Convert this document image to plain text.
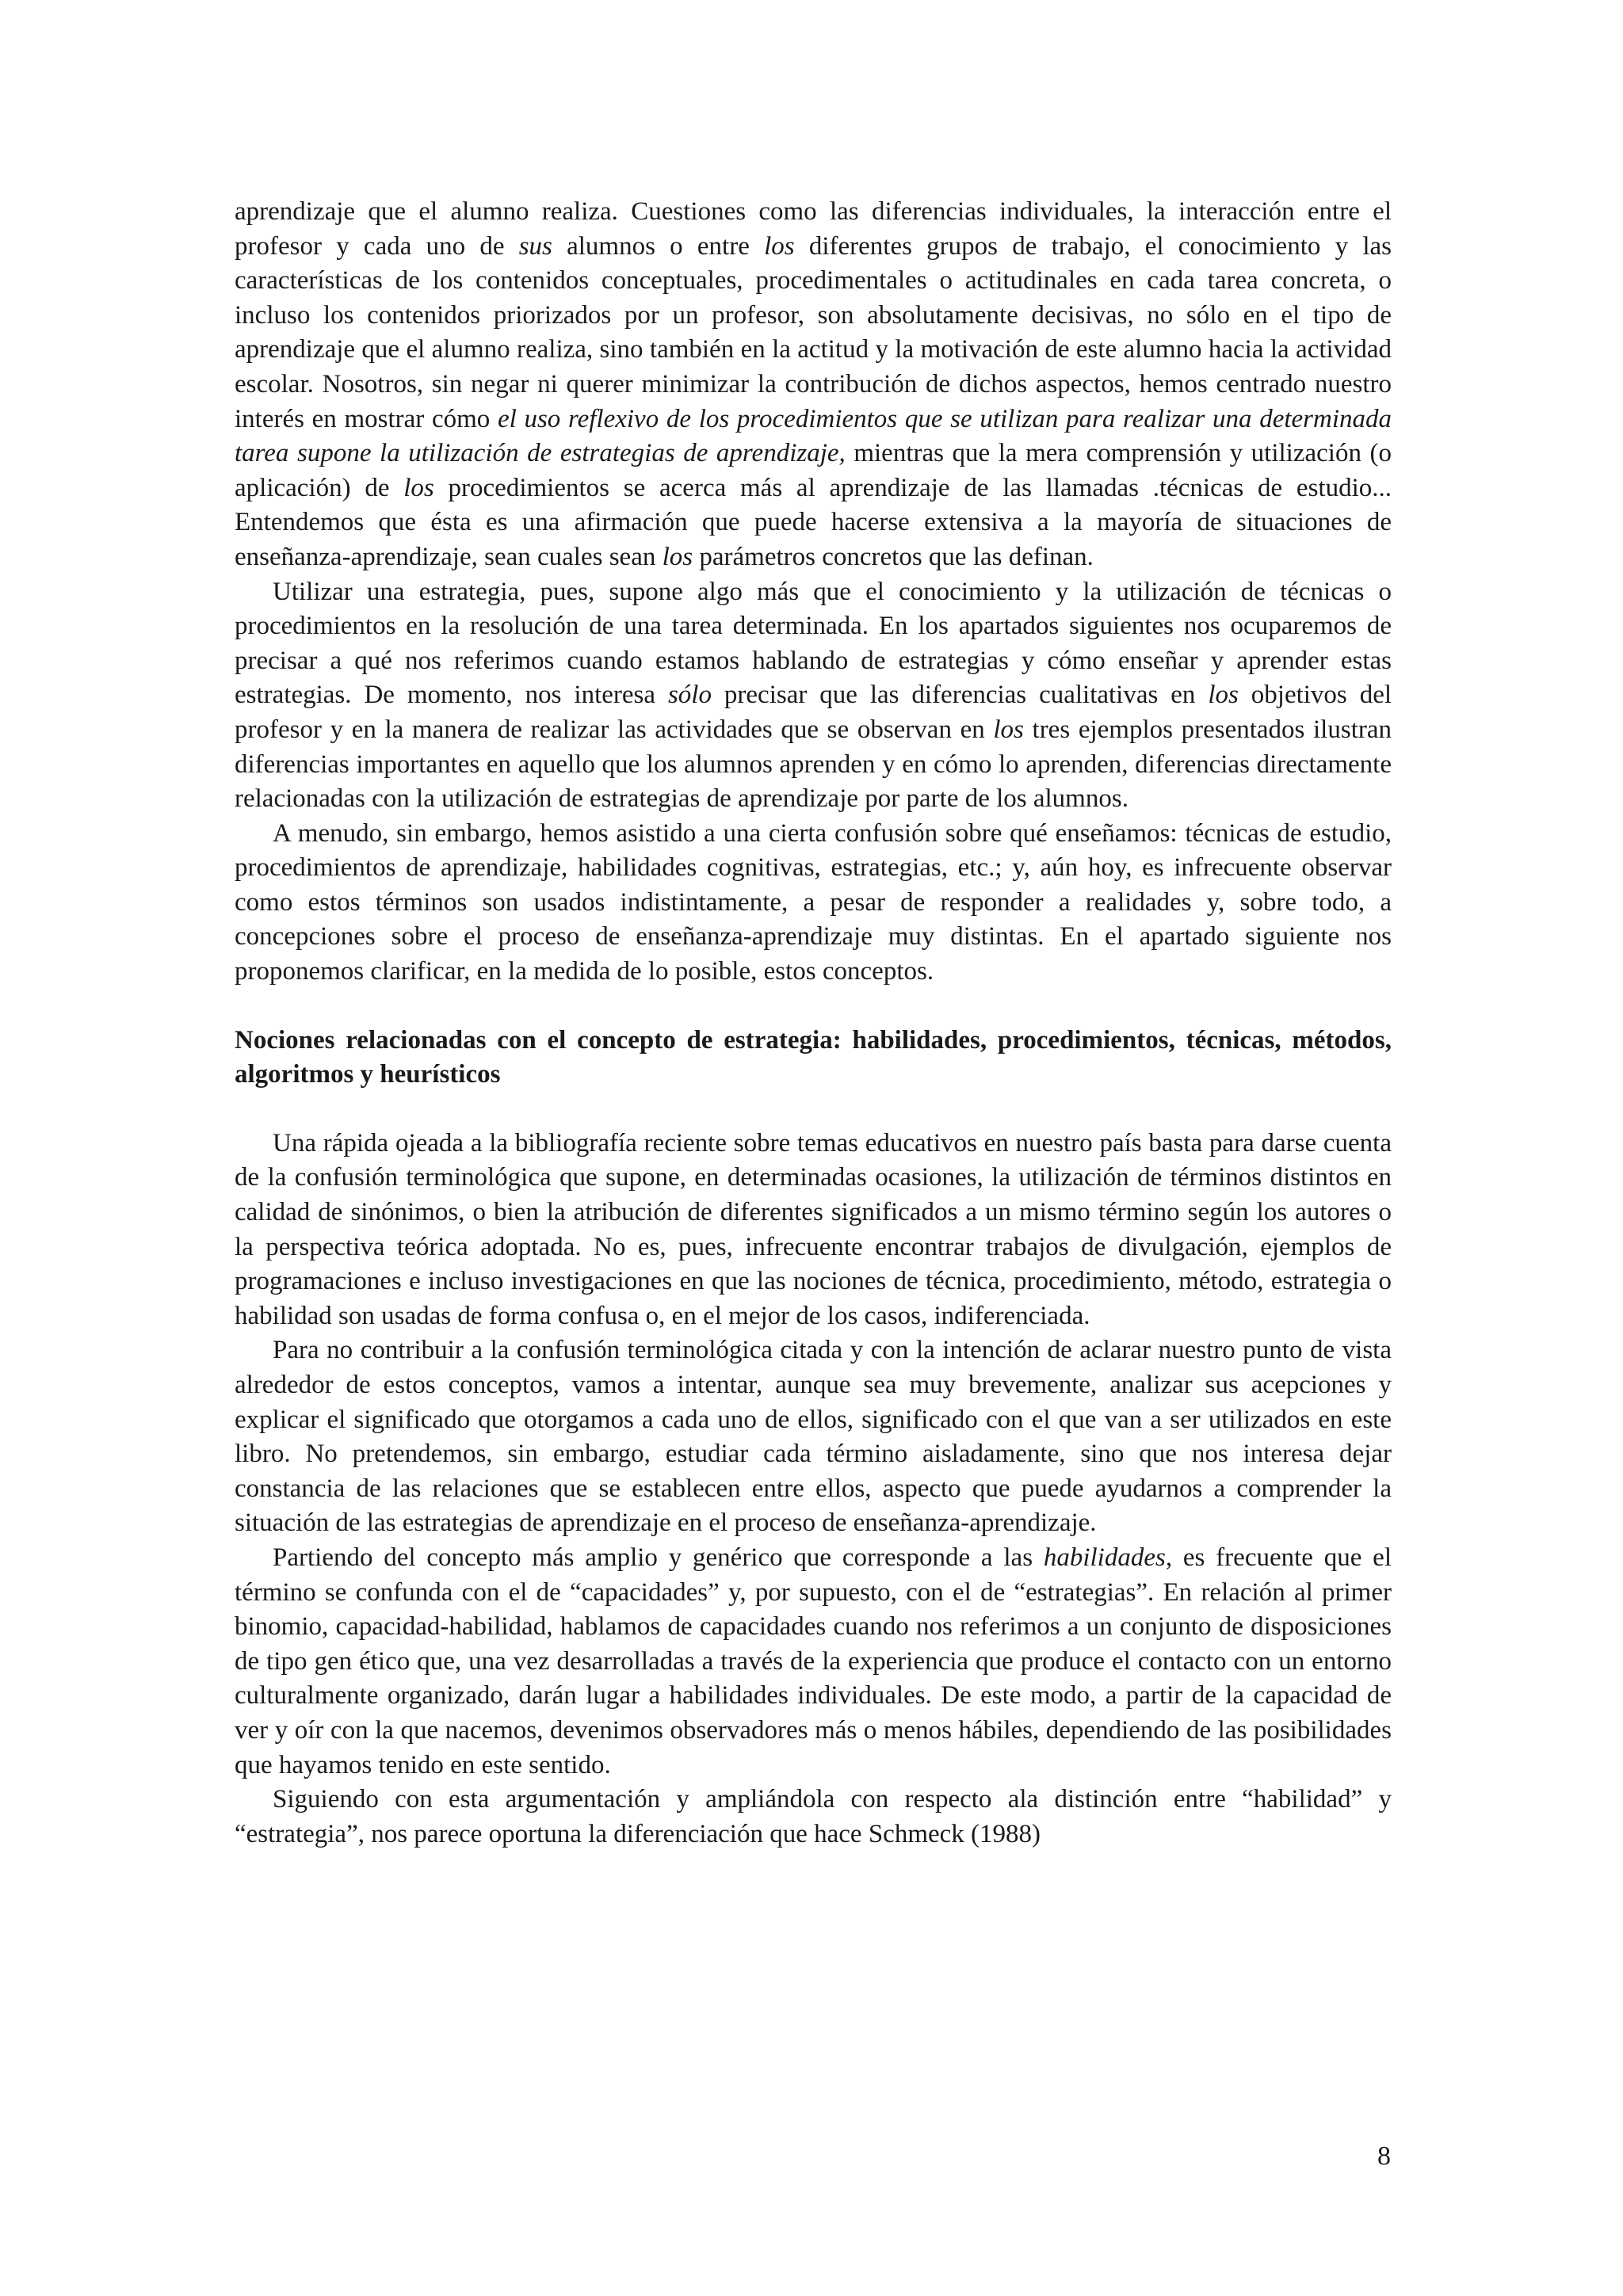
aprendizaje que el alumno realiza. Cuestiones como las diferencias individuales, la interacción entre el profesor y cada uno de sus alumnos o entre los diferentes grupos de trabajo, el conocimiento y las características de los contenidos conceptuales, procedimentales o actitudinales en cada tarea concreta, o incluso los contenidos priorizados por un profesor, son absolutamente decisivas, no sólo en el tipo de aprendizaje que el alumno realiza, sino también en la actitud y la motivación de este alumno hacia la actividad escolar. Nosotros, sin negar ni querer minimizar la contribución de dichos aspectos, hemos centrado nuestro interés en mostrar cómo el uso reflexivo de los procedimientos que se utilizan para realizar una determinada tarea supone la utilización de estrategias de aprendizaje, mientras que la mera comprensión y utilización (o aplicación) de los procedimientos se acerca más al aprendizaje de las llamadas .técnicas de estudio... Entendemos que ésta es una afirmación que puede hacerse extensiva a la mayoría de situaciones de enseñanza-aprendizaje, sean cuales sean los parámetros concretos que las definan.

Utilizar una estrategia, pues, supone algo más que el conocimiento y la utilización de técnicas o procedimientos en la resolución de una tarea determinada. En los apartados siguientes nos ocuparemos de precisar a qué nos referimos cuando estamos hablando de estrategias y cómo enseñar y aprender estas estrategias. De momento, nos interesa sólo precisar que las diferencias cualitativas en los objetivos del profesor y en la manera de realizar las actividades que se observan en los tres ejemplos presentados ilustran diferencias importantes en aquello que los alumnos aprenden y en cómo lo aprenden, diferencias directamente relacionadas con la utilización de estrategias de aprendizaje por parte de los alumnos.

A menudo, sin embargo, hemos asistido a una cierta confusión sobre qué enseñamos: técnicas de estudio, procedimientos de aprendizaje, habilidades cognitivas, estrategias, etc.; y, aún hoy, es infrecuente observar como estos términos son usados indistintamente, a pesar de responder a realidades y, sobre todo, a concepciones sobre el proceso de enseñanza-aprendizaje muy distintas. En el apartado siguiente nos proponemos clarificar, en la medida de lo posible, estos conceptos.

Nociones relacionadas con el concepto de estrategia: habilidades, procedimientos, técnicas, métodos, algoritmos y heurísticos

Una rápida ojeada a la bibliografía reciente sobre temas educativos en nuestro país basta para darse cuenta de la confusión terminológica que supone, en determinadas ocasiones, la utilización de términos distintos en calidad de sinónimos, o bien la atribución de diferentes significados a un mismo término según los autores o la perspectiva teórica adoptada. No es, pues, infrecuente encontrar trabajos de divulgación, ejemplos de programaciones e incluso investigaciones en que las nociones de técnica, procedimiento, método, estrategia o habilidad son usadas de forma confusa o, en el mejor de los casos, indiferenciada.

Para no contribuir a la confusión terminológica citada y con la intención de aclarar nuestro punto de vista alrededor de estos conceptos, vamos a intentar, aunque sea muy brevemente, analizar sus acepciones y explicar el significado que otorgamos a cada uno de ellos, significado con el que van a ser utilizados en este libro. No pretendemos, sin embargo, estudiar cada término aisladamente, sino que nos interesa dejar constancia de las relaciones que se establecen entre ellos, aspecto que puede ayudarnos a comprender la situación de las estrategias de aprendizaje en el proceso de enseñanza-aprendizaje.

Partiendo del concepto más amplio y genérico que corresponde a las habilidades, es frecuente que el término se confunda con el de “capacidades” y, por supuesto, con el de “estrategias”. En relación al primer binomio, capacidad-habilidad, hablamos de capacidades cuando nos referimos a un conjunto de disposiciones de tipo gen ético que, una vez desarrolladas a través de la experiencia que produce el contacto con un entorno culturalmente organizado, darán lugar a habilidades individuales. De este modo, a partir de la capacidad de ver y oír con la que nacemos, devenimos observadores más o menos hábiles, dependiendo de las posibilidades que hayamos tenido en este sentido.

Siguiendo con esta argumentación y ampliándola con respecto ala distinción entre “habilidad” y “estrategia”, nos parece oportuna la diferenciación que hace Schmeck (1988)

8
